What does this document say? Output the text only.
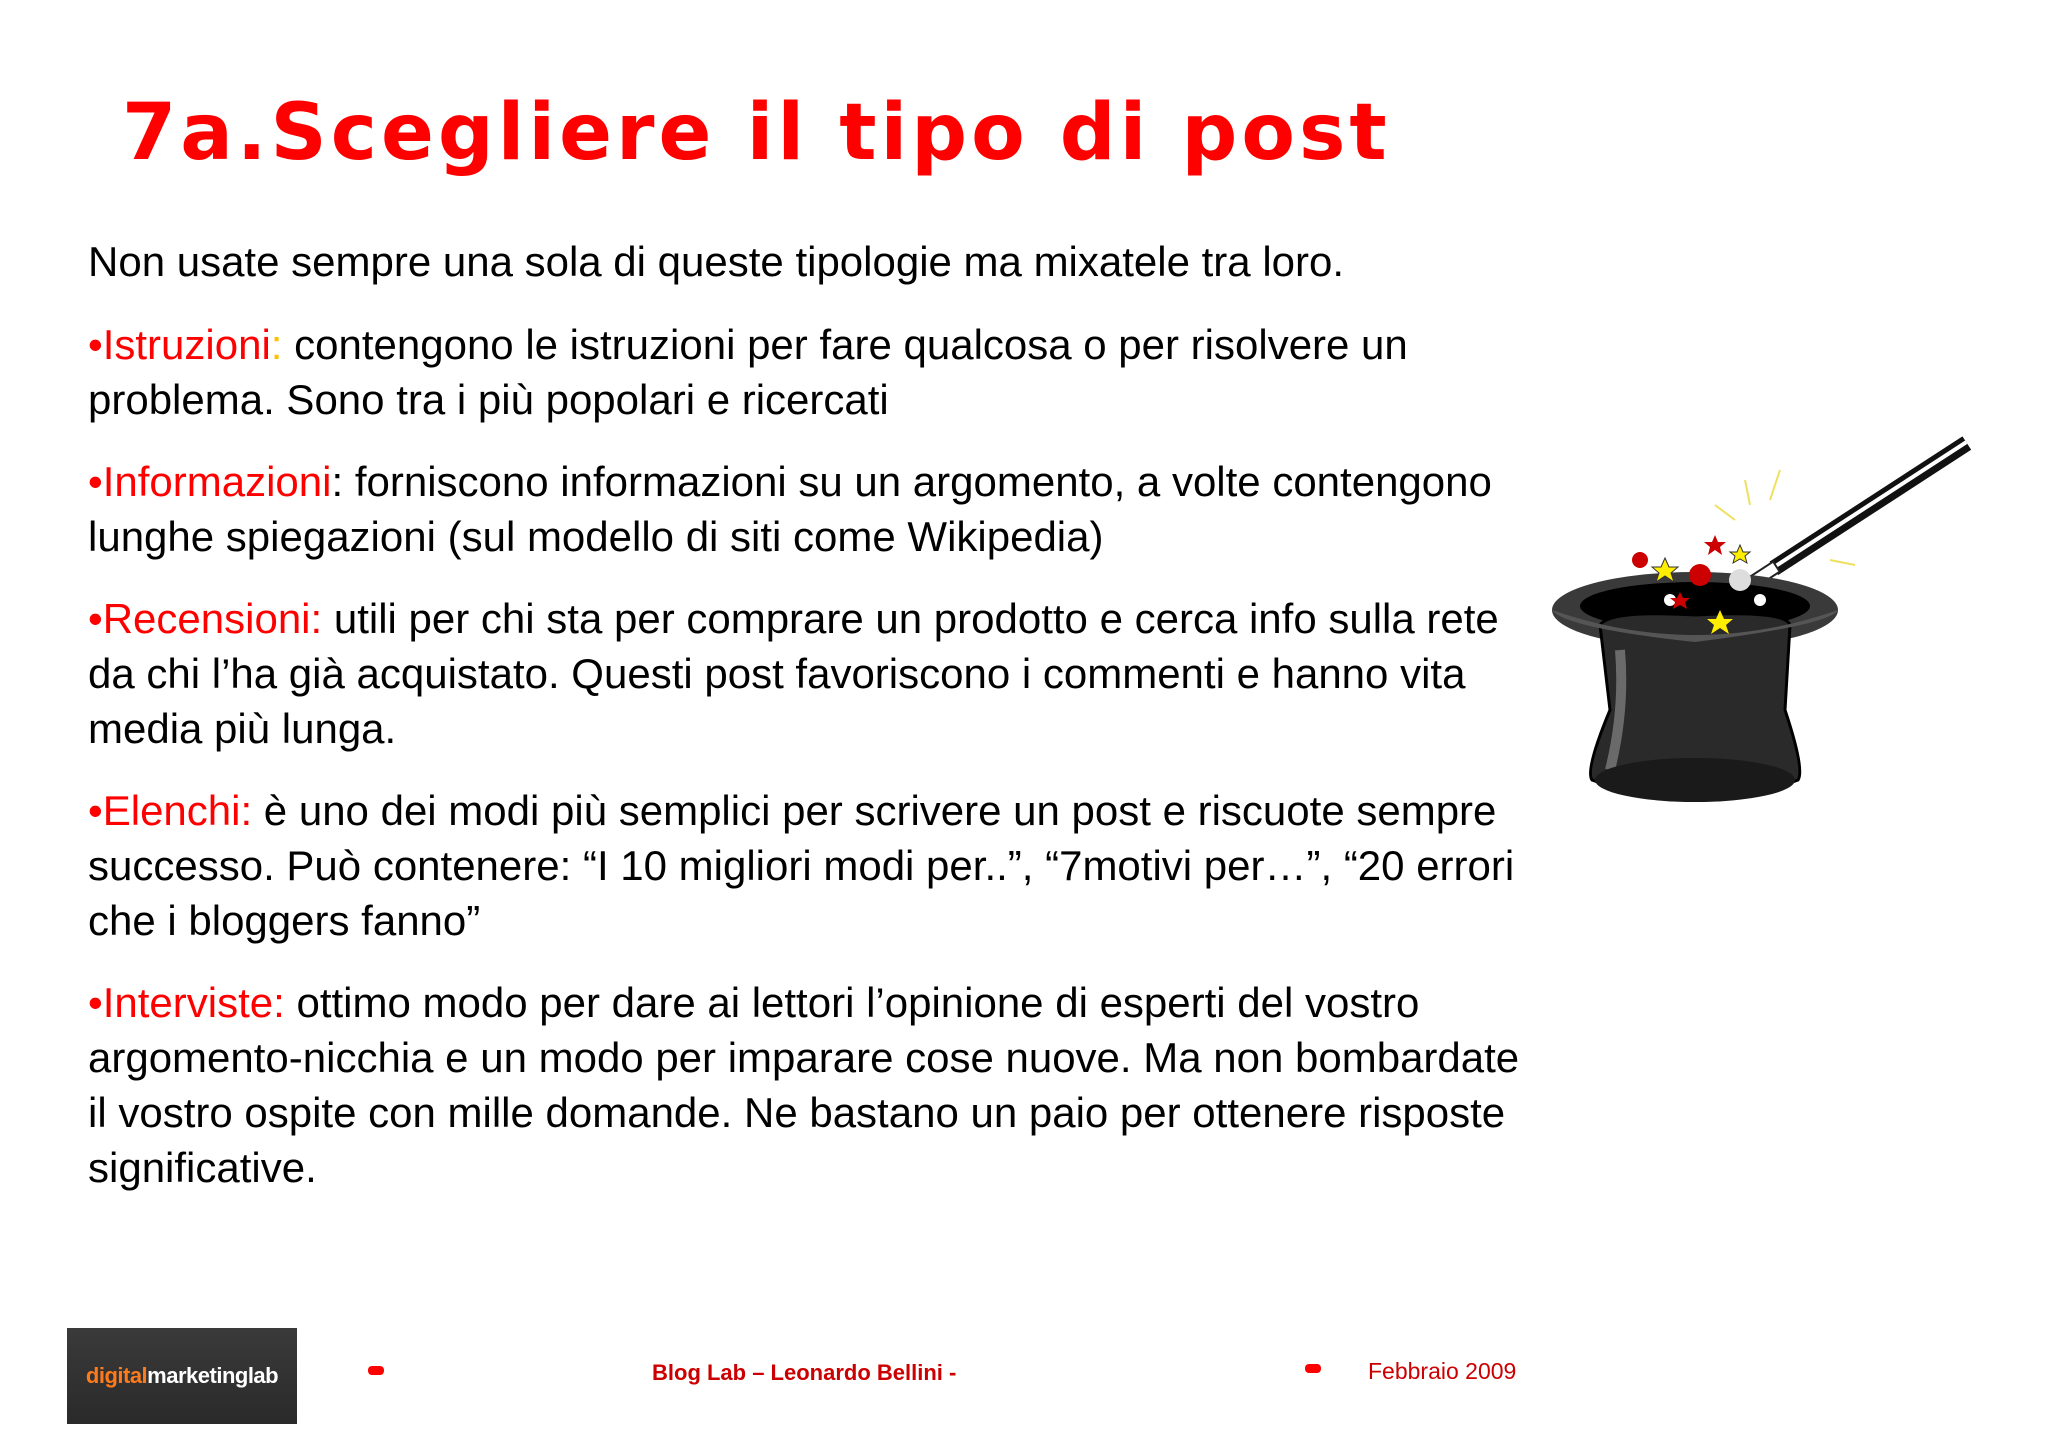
7a.Scegliere il tipo di post

Non usate sempre una sola di queste tipologie ma mixatele tra loro.

•Istruzioni: contengono le istruzioni per fare qualcosa o per risolvere un problema. Sono tra i più popolari e ricercati

•Informazioni: forniscono informazioni su un argomento, a volte contengono lunghe spiegazioni (sul modello di siti come Wikipedia)

•Recensioni: utili per chi sta per comprare un prodotto e cerca info sulla rete da chi l’ha già acquistato. Questi post favoriscono i commenti e hanno vita media più lunga.

•Elenchi: è uno dei modi più semplici per scrivere un post e riscuote sempre successo. Può contenere: “I 10 migliori modi per..”, “7motivi per…”, “20 errori che i bloggers fanno”

•Interviste: ottimo modo per dare ai lettori l’opinione di esperti del vostro argomento-nicchia e un modo per imparare cose nuove. Ma non bombardate il vostro ospite con mille domande. Ne bastano un paio per ottenere risposte significative.

digital marketinglab	Blog Lab – Leonardo Bellini -	Febbraio 2009
